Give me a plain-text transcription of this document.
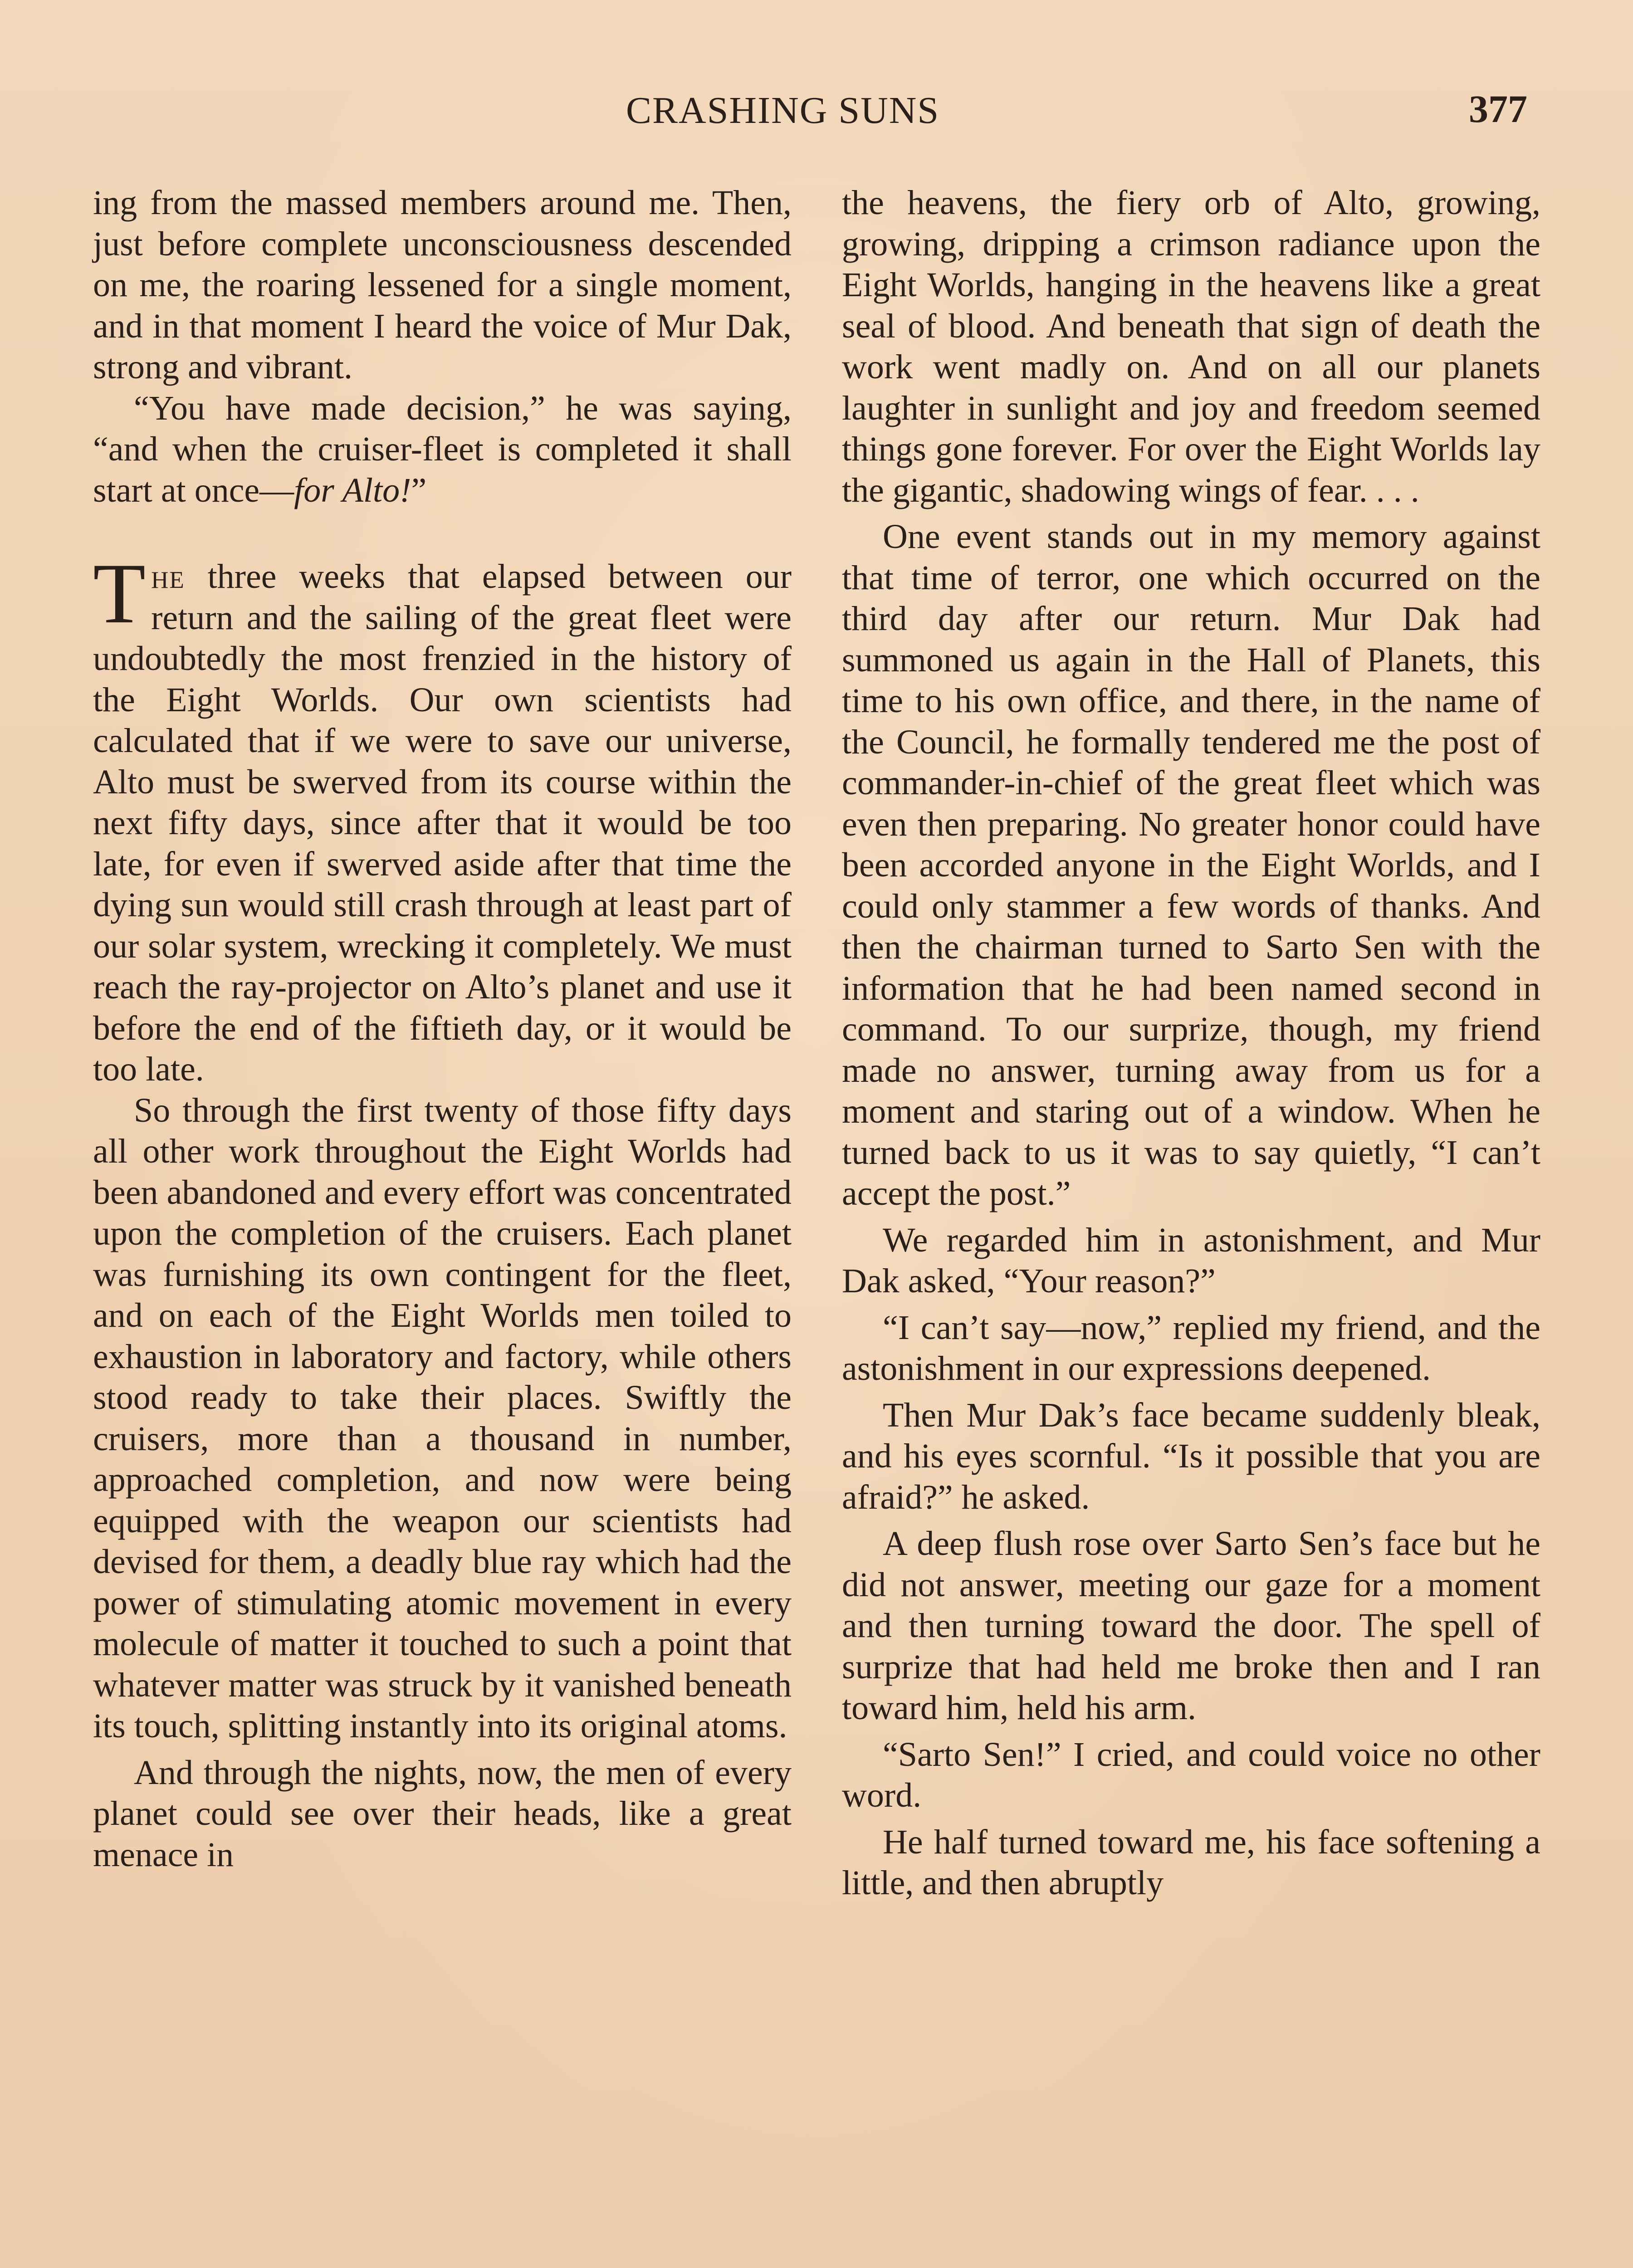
CRASHING SUNS	377

ing from the massed members around me. Then, just before complete unconsciousness descended on me, the roaring lessened for a single moment, and in that moment I heard the voice of Mur Dak, strong and vibrant.

“You have made decision,” he was saying, “and when the cruiser-fleet is completed it shall start at once—for Alto!”

The three weeks that elapsed between our return and the sailing of the great fleet were undoubtedly the most frenzied in the history of the Eight Worlds. Our own scientists had calculated that if we were to save our universe, Alto must be swerved from its course within the next fifty days, since after that it would be too late, for even if swerved aside after that time the dying sun would still crash through at least part of our solar system, wrecking it completely. We must reach the ray-projector on Alto’s planet and use it before the end of the fiftieth day, or it would be too late.

So through the first twenty of those fifty days all other work throughout the Eight Worlds had been abandoned and every effort was concentrated upon the completion of the cruisers. Each planet was furnishing its own contingent for the fleet, and on each of the Eight Worlds men toiled to exhaustion in laboratory and factory, while others stood ready to take their places. Swiftly the cruisers, more than a thousand in number, approached completion, and now were being equipped with the weapon our scientists had devised for them, a deadly blue ray which had the power of stimulating atomic movement in every molecule of matter it touched to such a point that whatever matter was struck by it vanished beneath its touch, splitting instantly into its original atoms.

And through the nights, now, the men of every planet could see over their heads, like a great menace in

the heavens, the fiery orb of Alto, growing, growing, dripping a crimson radiance upon the Eight Worlds, hanging in the heavens like a great seal of blood. And beneath that sign of death the work went madly on. And on all our planets laughter in sunlight and joy and freedom seemed things gone forever. For over the Eight Worlds lay the gigantic, shadowing wings of fear. . . .

One event stands out in my memory against that time of terror, one which occurred on the third day after our return. Mur Dak had summoned us again in the Hall of Planets, this time to his own office, and there, in the name of the Council, he formally tendered me the post of commander-in-chief of the great fleet which was even then preparing. No greater honor could have been accorded anyone in the Eight Worlds, and I could only stammer a few words of thanks. And then the chairman turned to Sarto Sen with the information that he had been named second in command. To our surprize, though, my friend made no answer, turning away from us for a moment and staring out of a window. When he turned back to us it was to say quietly, “I can’t accept the post.”

We regarded him in astonishment, and Mur Dak asked, “Your reason?”

“I can’t say—now,” replied my friend, and the astonishment in our expressions deepened.

Then Mur Dak’s face became suddenly bleak, and his eyes scornful. “Is it possible that you are afraid?” he asked.

A deep flush rose over Sarto Sen’s face but he did not answer, meeting our gaze for a moment and then turning toward the door. The spell of surprize that had held me broke then and I ran toward him, held his arm.

“Sarto Sen!” I cried, and could voice no other word.

He half turned toward me, his face softening a little, and then abruptly
